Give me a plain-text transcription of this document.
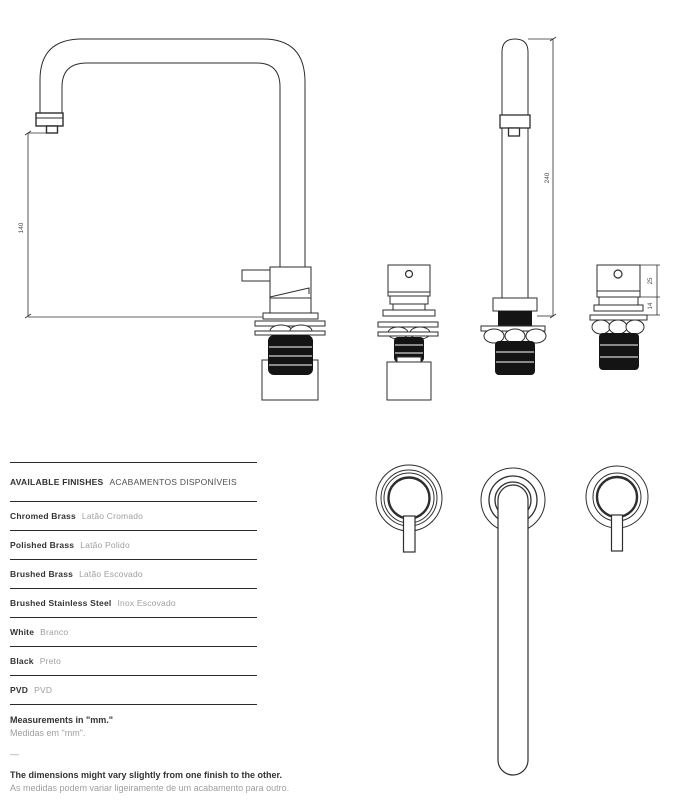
140
240
25
14
AVAILABLE FINISHES ACABAMENTOS DISPONÍVEIS
Chromed Brass Latão Cromado
Polished Brass Latão Polido
Brushed Brass Latão Escovado
Brushed Stainless Steel Inox Escovado
White Branco
Black Preto
PVD PVD

Measurements in "mm."

Medidas em "mm".

—

The dimensions might vary slightly from one finish to the other.

As medidas podem variar ligeiramente de um acabamento para outro.
